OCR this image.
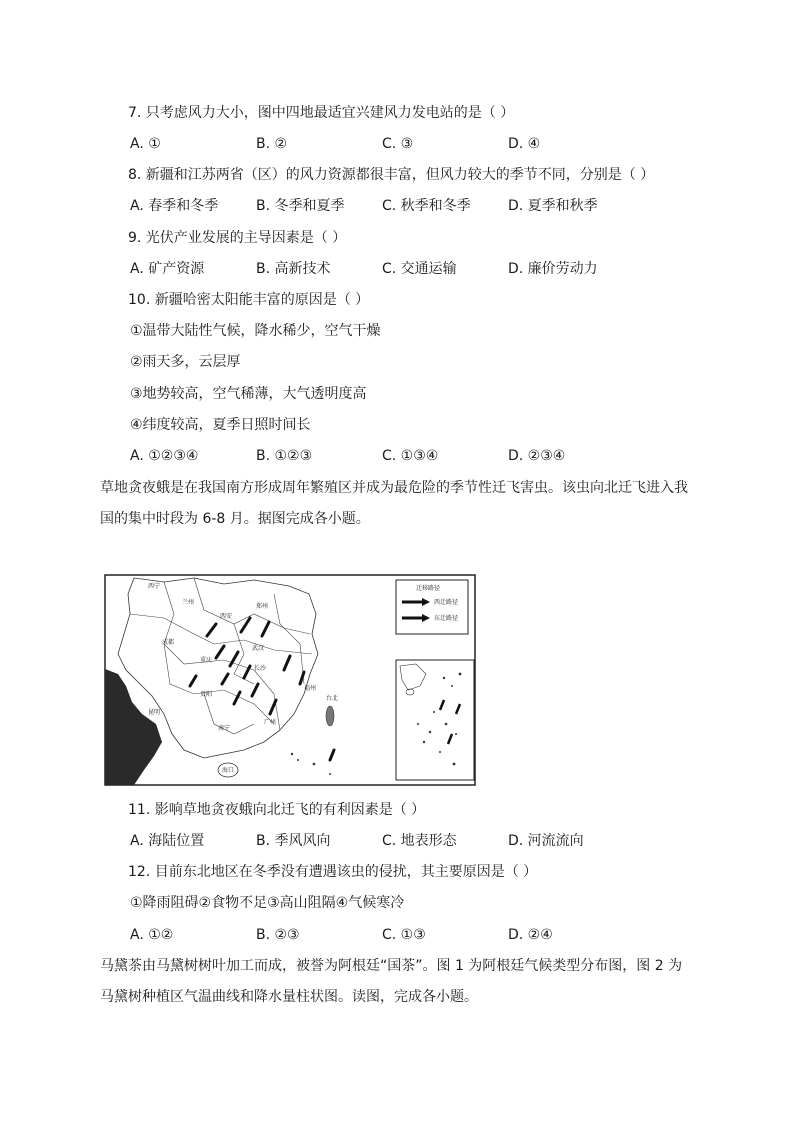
7. 只考虑风力大小，图中四地最适宜兴建风力发电站的是（ ）
A. ①	B. ②	C. ③	D. ④
8. 新疆和江苏两省（区）的风力资源都很丰富，但风力较大的季节不同，分别是（ ）
A. 春季和冬季	B. 冬季和夏季	C. 秋季和冬季	D. 夏季和秋季
9. 光伏产业发展的主导因素是（ ）
A. 矿产资源	B. 高新技术	C. 交通运输	D. 廉价劳动力
10. 新疆哈密太阳能丰富的原因是（ ）
①温带大陆性气候，降水稀少，空气干燥
②雨天多，云层厚
③地势较高，空气稀薄，大气透明度高
④纬度较高，夏季日照时间长
A. ①②③④	B. ①②③	C. ①③④	D. ②③④
草地贪夜蛾是在我国南方形成周年繁殖区并成为最危险的季节性迁飞害虫。该虫向北迁飞进入我
国的集中时段为 6-8 月。据图完成各小题。
西宁
兰州
西安
郑州
成都
武汉
重庆
长沙
昆明
贵阳
南宁
广州
福州
海口
台北
迁移路径
西迁路径
东迁路径
11. 影响草地贪夜蛾向北迁飞的有利因素是（ ）
A. 海陆位置	B. 季风风向	C. 地表形态	D. 河流流向
12. 目前东北地区在冬季没有遭遇该虫的侵扰，其主要原因是（ ）
①降雨阻碍②食物不足③高山阻隔④气候寒冷
A. ①②	B. ②③	C. ①③	D. ②④
马黛茶由马黛树树叶加工而成，被誉为阿根廷“国茶”。图 1 为阿根廷气候类型分布图，图 2 为
马黛树种植区气温曲线和降水量柱状图。读图，完成各小题。
